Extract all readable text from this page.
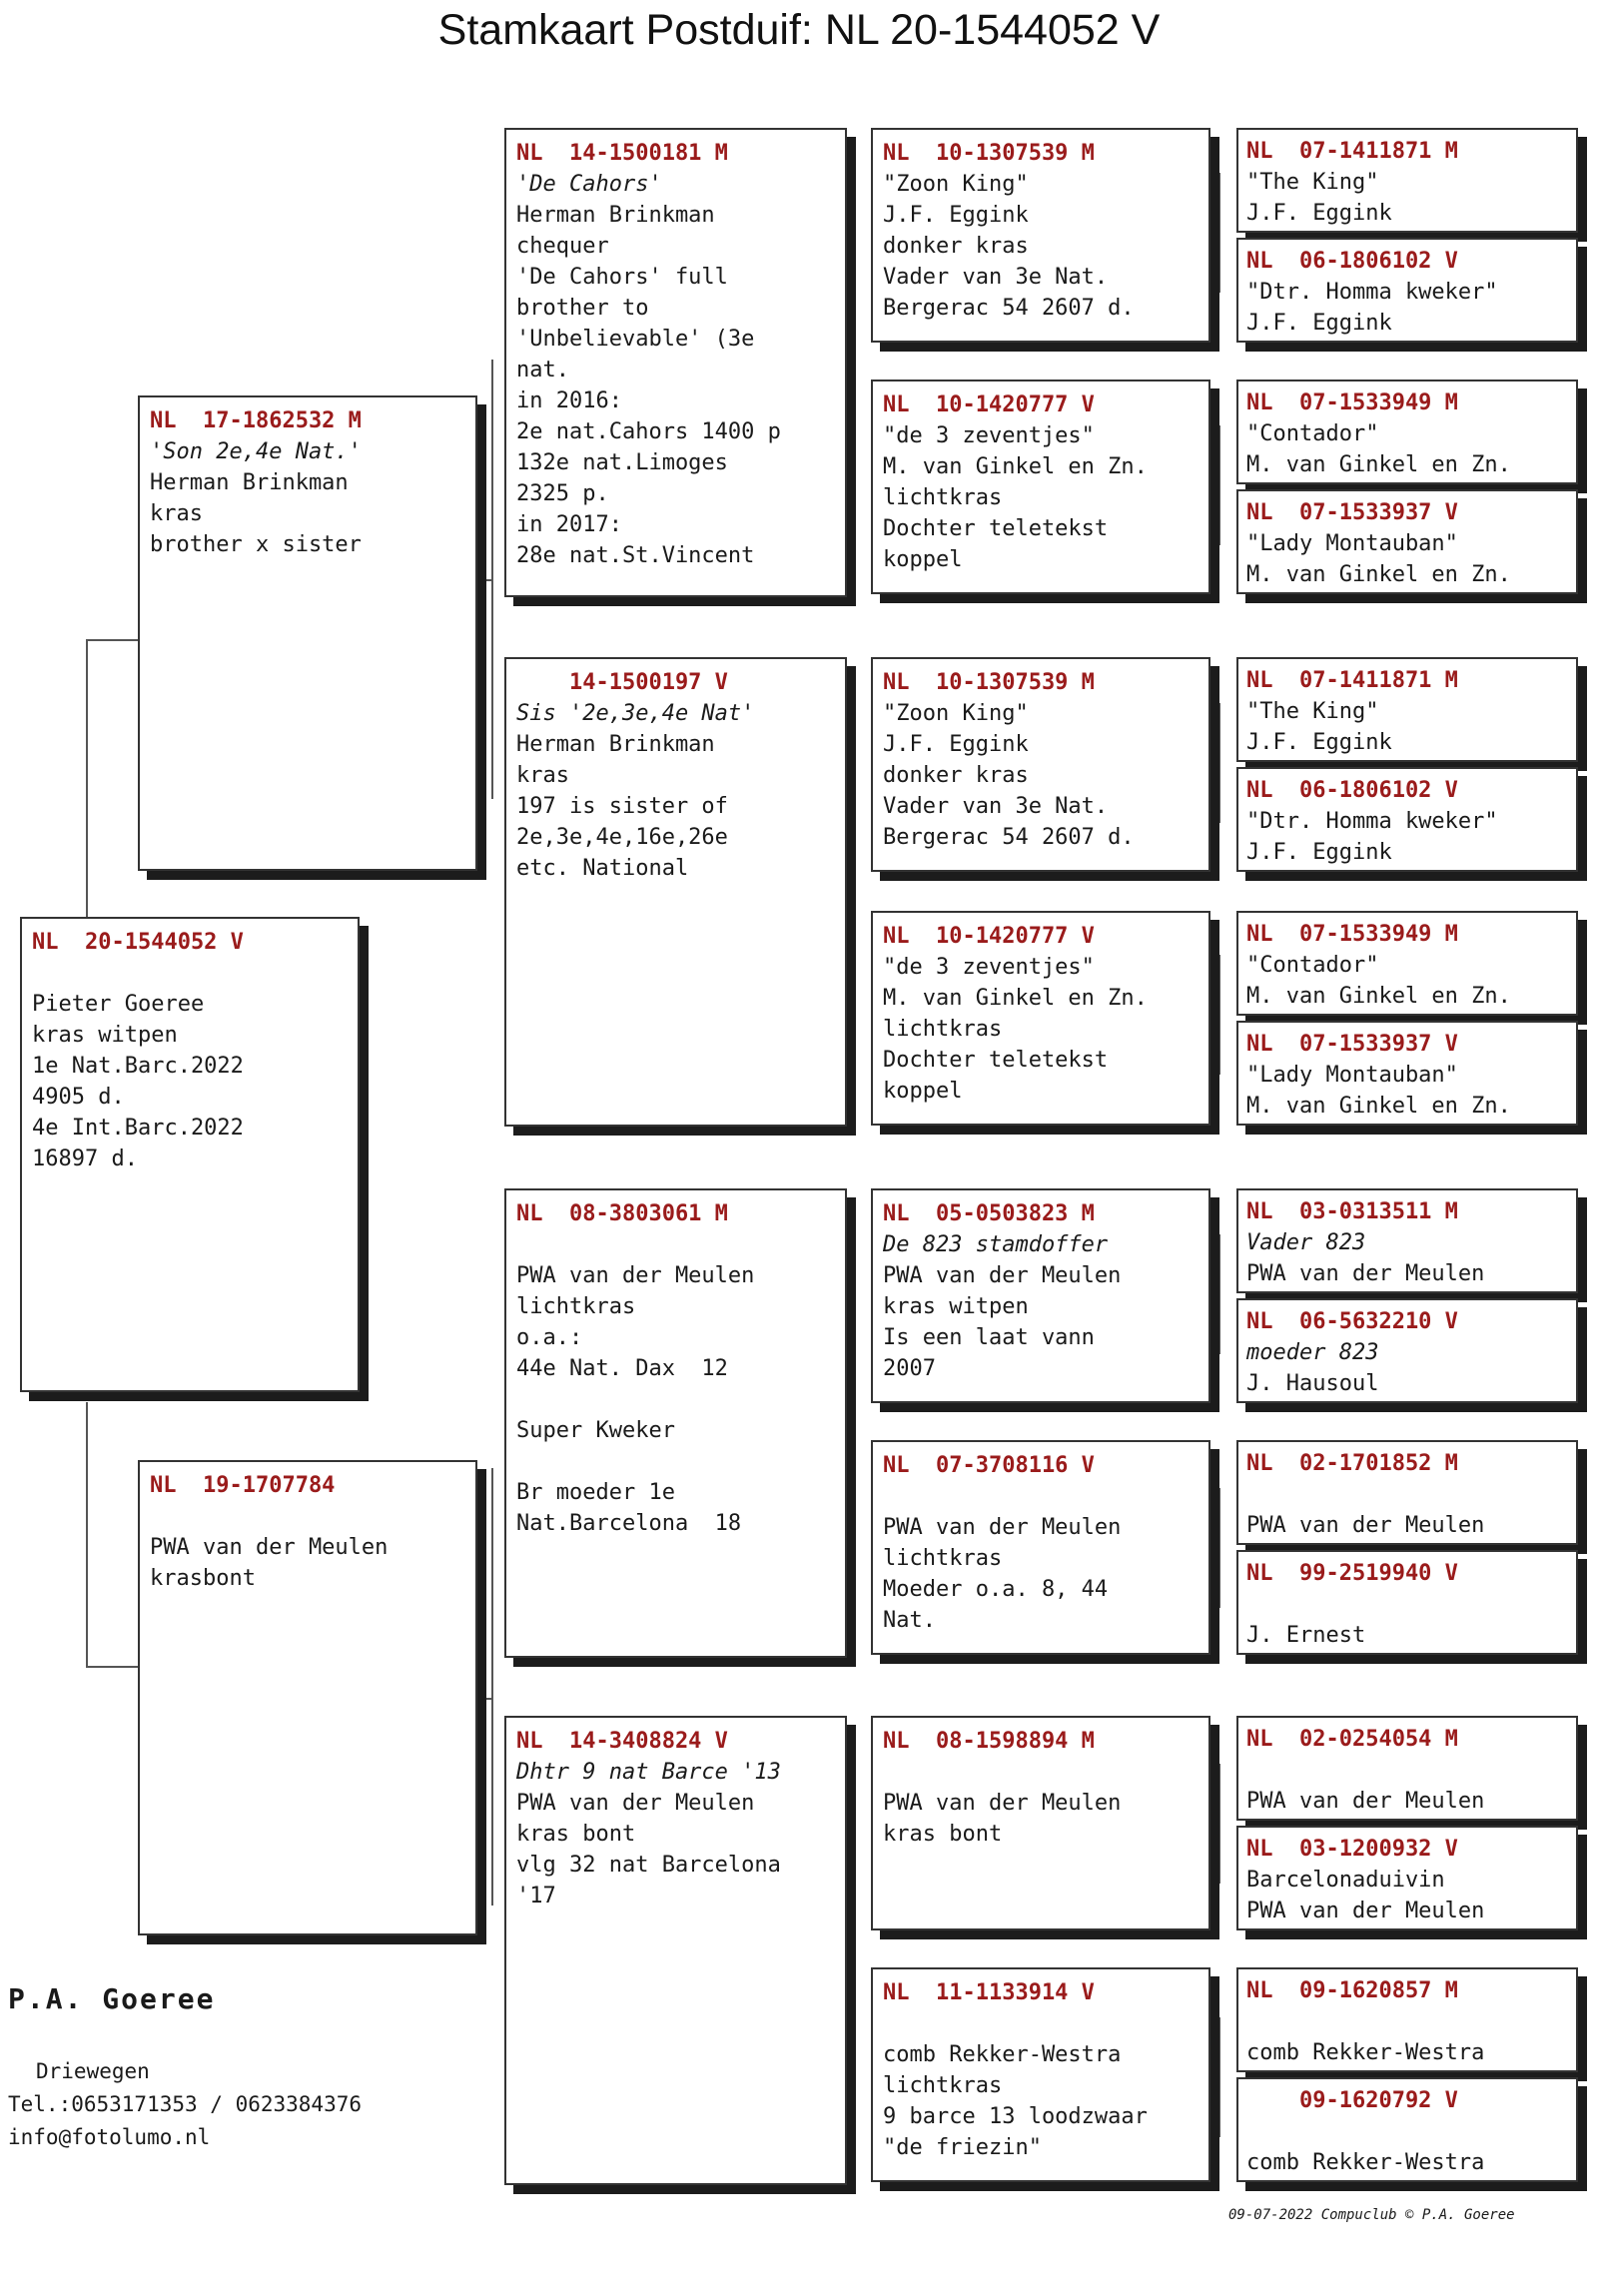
Stamkaart Postduif: NL 20-1544052 V
NL  20-1544052 V
Pieter Goeree
kras witpen
1e Nat.Barc.2022
4905 d.
4e Int.Barc.2022
16897 d.
NL  17-1862532 M
'Son 2e,4e Nat.'
Herman Brinkman
kras
brother x sister
NL  19-1707784
PWA van der Meulen
krasbont
NL  14-1500181 M
'De Cahors'
Herman Brinkman
chequer
'De Cahors' full
brother to
'Unbelievable' (3e
nat.
in 2016:
2e nat.Cahors 1400 p
132e nat.Limoges
2325 p.
in 2017:
28e nat.St.Vincent
14-1500197 V
Sis '2e,3e,4e Nat'
Herman Brinkman
kras
197 is sister of
2e,3e,4e,16e,26e
etc. National
NL  08-3803061 M
PWA van der Meulen
lichtkras
o.a.:
44e Nat. Dax  12
Super Kweker
Br moeder 1e
Nat.Barcelona  18
NL  14-3408824 V
Dhtr 9 nat Barce '13
PWA van der Meulen
kras bont
vlg 32 nat Barcelona
'17
NL  10-1307539 M
"Zoon King"
J.F. Eggink
donker kras
Vader van 3e Nat.
Bergerac 54 2607 d.
NL  10-1420777 V
"de 3 zeventjes"
M. van Ginkel en Zn.
lichtkras
Dochter teletekst
koppel
NL  10-1307539 M
"Zoon King"
J.F. Eggink
donker kras
Vader van 3e Nat.
Bergerac 54 2607 d.
NL  10-1420777 V
"de 3 zeventjes"
M. van Ginkel en Zn.
lichtkras
Dochter teletekst
koppel
NL  05-0503823 M
De 823 stamdoffer
PWA van der Meulen
kras witpen
Is een laat vann
2007
NL  07-3708116 V
PWA van der Meulen
lichtkras
Moeder o.a. 8, 44
Nat.
NL  08-1598894 M
PWA van der Meulen
kras bont
NL  11-1133914 V
comb Rekker-Westra
lichtkras
9 barce 13 loodzwaar
"de friezin"
NL  07-1411871 M
"The King"
J.F. Eggink
NL  06-1806102 V
"Dtr. Homma kweker"
J.F. Eggink
NL  07-1533949 M
"Contador"
M. van Ginkel en Zn.
NL  07-1533937 V
"Lady Montauban"
M. van Ginkel en Zn.
NL  07-1411871 M
"The King"
J.F. Eggink
NL  06-1806102 V
"Dtr. Homma kweker"
J.F. Eggink
NL  07-1533949 M
"Contador"
M. van Ginkel en Zn.
NL  07-1533937 V
"Lady Montauban"
M. van Ginkel en Zn.
NL  03-0313511 M
Vader 823
PWA van der Meulen
NL  06-5632210 V
moeder 823
J. Hausoul
NL  02-1701852 M
PWA van der Meulen
NL  99-2519940 V
J. Ernest
NL  02-0254054 M
PWA van der Meulen
NL  03-1200932 V
Barcelonaduivin
PWA van der Meulen
NL  09-1620857 M
comb Rekker-Westra
09-1620792 V
comb Rekker-Westra
P.A. Goeree
Driewegen
Tel.:0653171353 / 0623384376
info@fotolumo.nl
09-07-2022 Compuclub © P.A. Goeree
